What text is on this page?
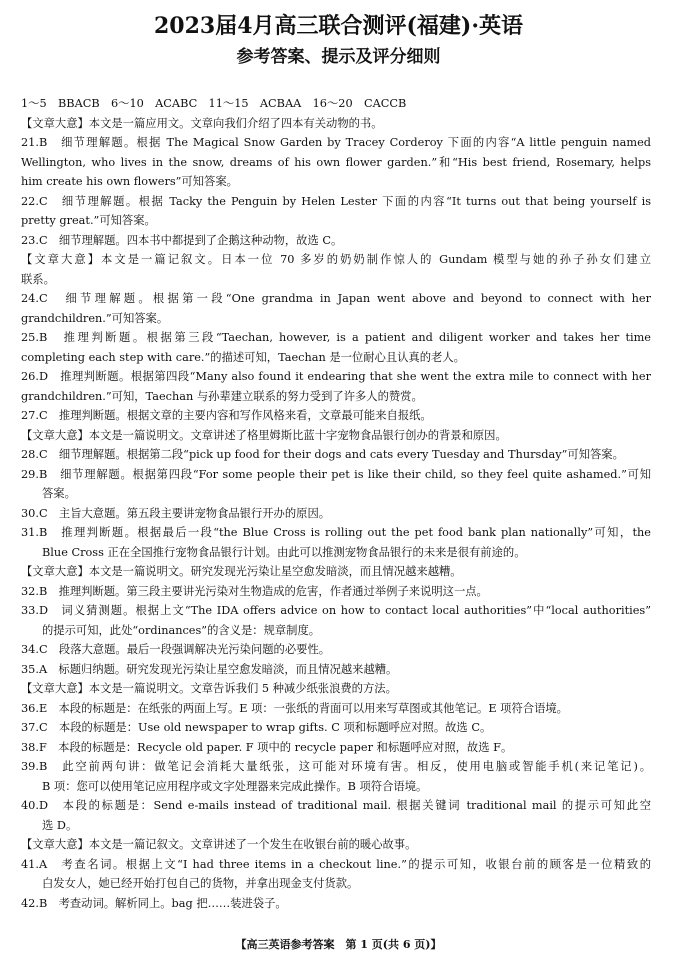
2023届4月高三联合测评(福建)·英语
参考答案、提示及评分细则
1～5　BBACB　6～10　ACABC　11～15　ACBAA　16～20　CACCB
【文章大意】本文是一篇应用文。文章向我们介绍了四本有关动物的书。
21.B　细节理解题。根据 The Magical Snow Garden by Tracey Corderoy 下面的内容“A little penguin named
Wellington, who lives in the snow, dreams of his own flower garden.”和“His best friend, Rosemary, helps
him create his own flowers”可知答案。
22.C　细节理解题。根据 Tacky the Penguin by Helen Lester 下面的内容“It turns out that being yourself is
pretty great.”可知答案。
23.C　细节理解题。四本书中都提到了企鹅这种动物，故选 C。
【文章大意】本文是一篇记叙文。日本一位 70 多岁的奶奶制作惊人的 Gundam 模型与她的孙子孙女们建立
联系。
24.C　细节理解题。根据第一段“One grandma in Japan went above and beyond to connect with her
grandchildren.”可知答案。
25.B　推理判断题。根据第三段“Taechan, however, is a patient and diligent worker and takes her time
completing each step with care.”的描述可知，Taechan 是一位耐心且认真的老人。
26.D　推理判断题。根据第四段“Many also found it endearing that she went the extra mile to connect with her
grandchildren.”可知，Taechan 与孙辈建立联系的努力受到了许多人的赞赏。
27.C　推理判断题。根据文章的主要内容和写作风格来看，文章最可能来自报纸。
【文章大意】本文是一篇说明文。文章讲述了格里姆斯比蓝十字宠物食品银行创办的背景和原因。
28.C　细节理解题。根据第二段“pick up food for their dogs and cats every Tuesday and Thursday”可知答案。
29.B　细节理解题。根据第四段“For some people their pet is like their child, so they feel quite ashamed.”可知
答案。
30.C　主旨大意题。第五段主要讲宠物食品银行开办的原因。
31.B　推理判断题。根据最后一段“the Blue Cross is rolling out the pet food bank plan nationally”可知，the
Blue Cross 正在全国推行宠物食品银行计划。由此可以推测宠物食品银行的未来是很有前途的。
【文章大意】本文是一篇说明文。研究发现光污染让星空愈发暗淡，而且情况越来越糟。
32.B　推理判断题。第三段主要讲光污染对生物造成的危害，作者通过举例子来说明这一点。
33.D　词义猜测题。根据上文“The IDA offers advice on how to contact local authorities”中“local authorities”
的提示可知，此处“ordinances”的含义是：规章制度。
34.C　段落大意题。最后一段强调解决光污染问题的必要性。
35.A　标题归纳题。研究发现光污染让星空愈发暗淡，而且情况越来越糟。
【文章大意】本文是一篇说明文。文章告诉我们 5 种减少纸张浪费的方法。
36.E　本段的标题是：在纸张的两面上写。E 项：一张纸的背面可以用来写草图或其他笔记。E 项符合语境。
37.C　本段的标题是：Use old newspaper to wrap gifts. C 项和标题呼应对照。故选 C。
38.F　本段的标题是：Recycle old paper. F 项中的 recycle paper 和标题呼应对照，故选 F。
39.B　此空前两句讲：做笔记会消耗大量纸张，这可能对环境有害。相反，使用电脑或智能手机(来记笔记)。
B 项：您可以使用笔记应用程序或文字处理器来完成此操作。B 项符合语境。
40.D　本段的标题是：Send e-mails instead of traditional mail. 根据关键词 traditional mail 的提示可知此空
选 D。
【文章大意】本文是一篇记叙文。文章讲述了一个发生在收银台前的暖心故事。
41.A　考查名词。根据上文“I had three items in a checkout line.”的提示可知，收银台前的顾客是一位精致的
白发女人，她已经开始打包自己的货物，并拿出现金支付货款。
42.B　考查动词。解析同上。bag 把……装进袋子。
【高三英语参考答案　第 1 页(共 6 页)】
